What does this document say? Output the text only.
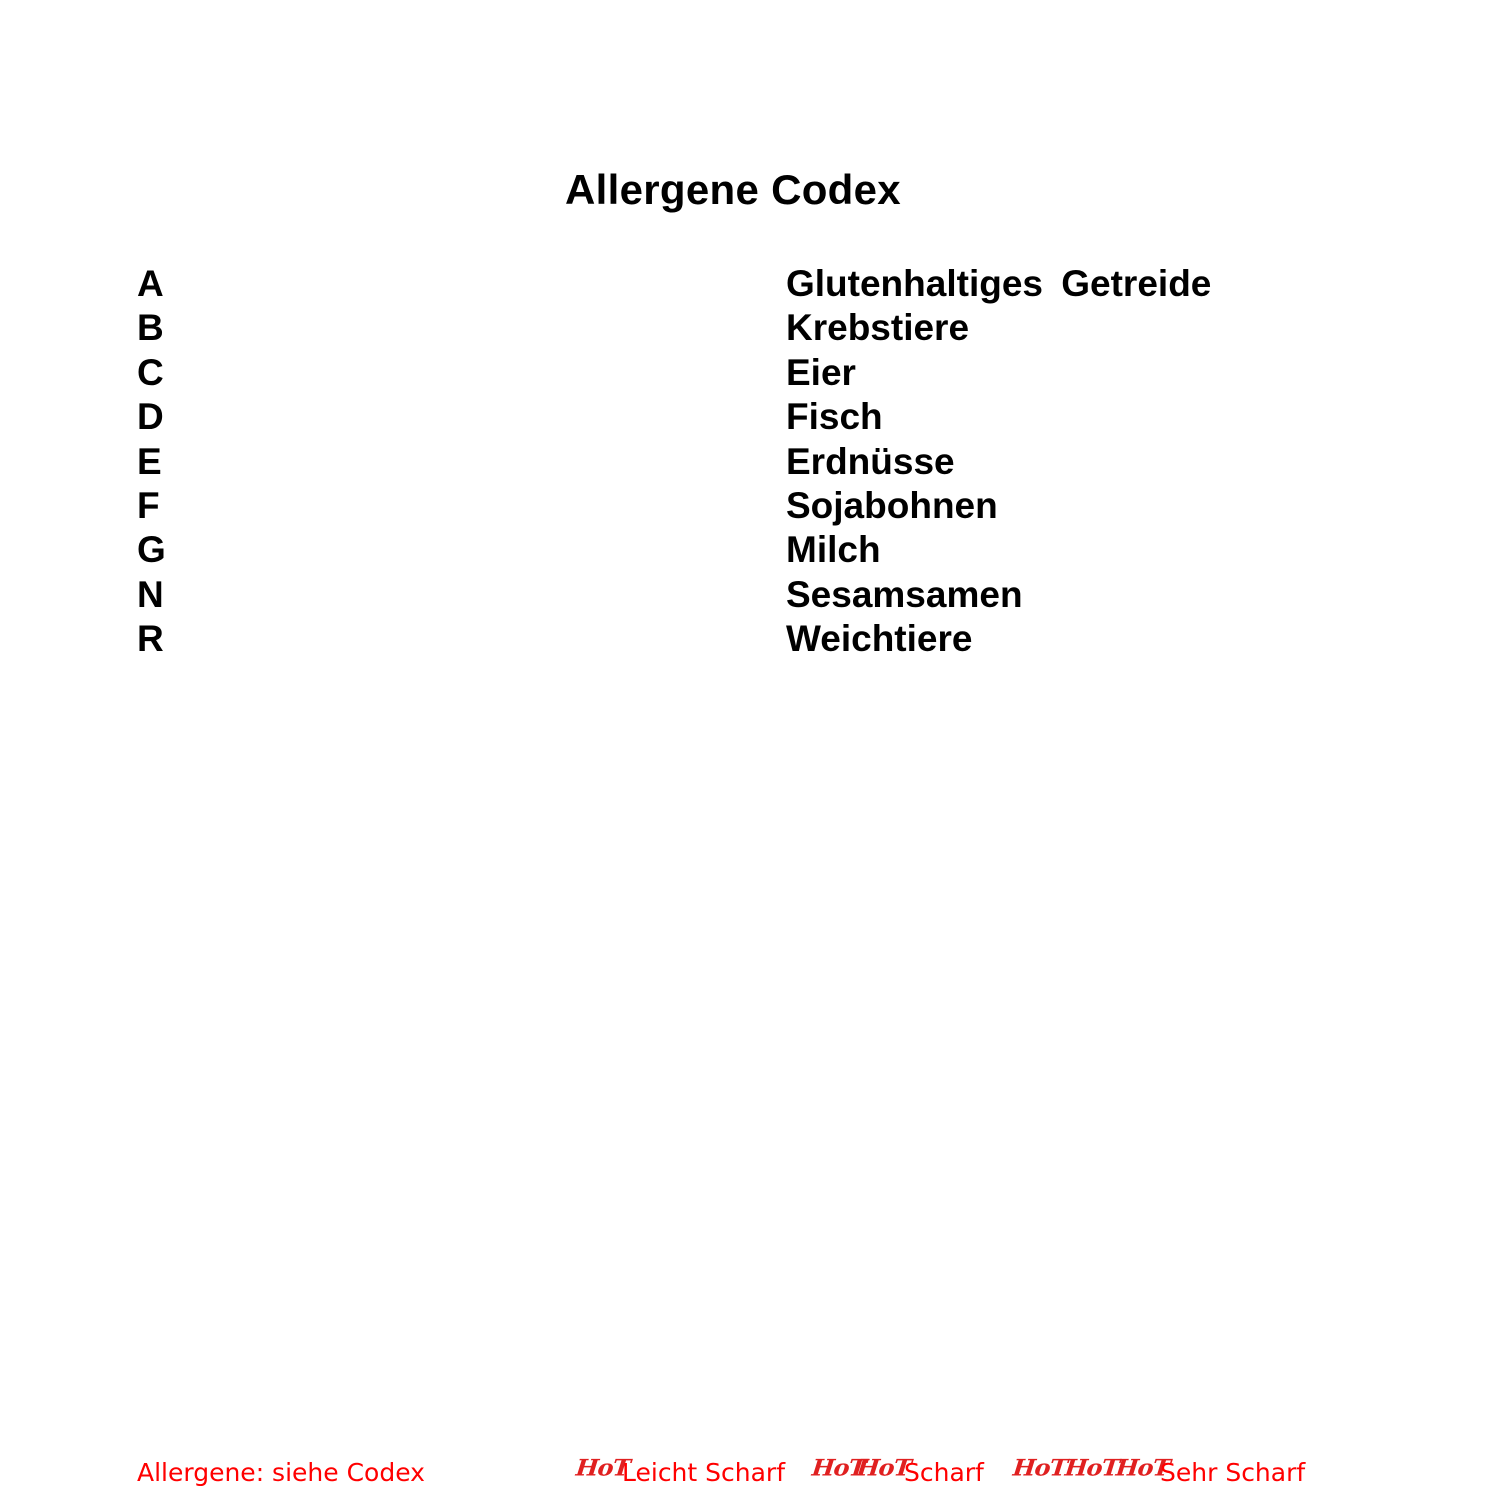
Allergene Codex
A	Glutenhaltiges Getreide
B	Krebstiere
C	Eier
D	Fisch
E	Erdnüsse
F	Sojabohnen
G	Milch
N	Sesamsamen
R	Weichtiere
Allergene: siehe Codex	HoT
Leicht Scharf HoT
HoT
Scharf HoT
HoT
HoT
Sehr Scharf
